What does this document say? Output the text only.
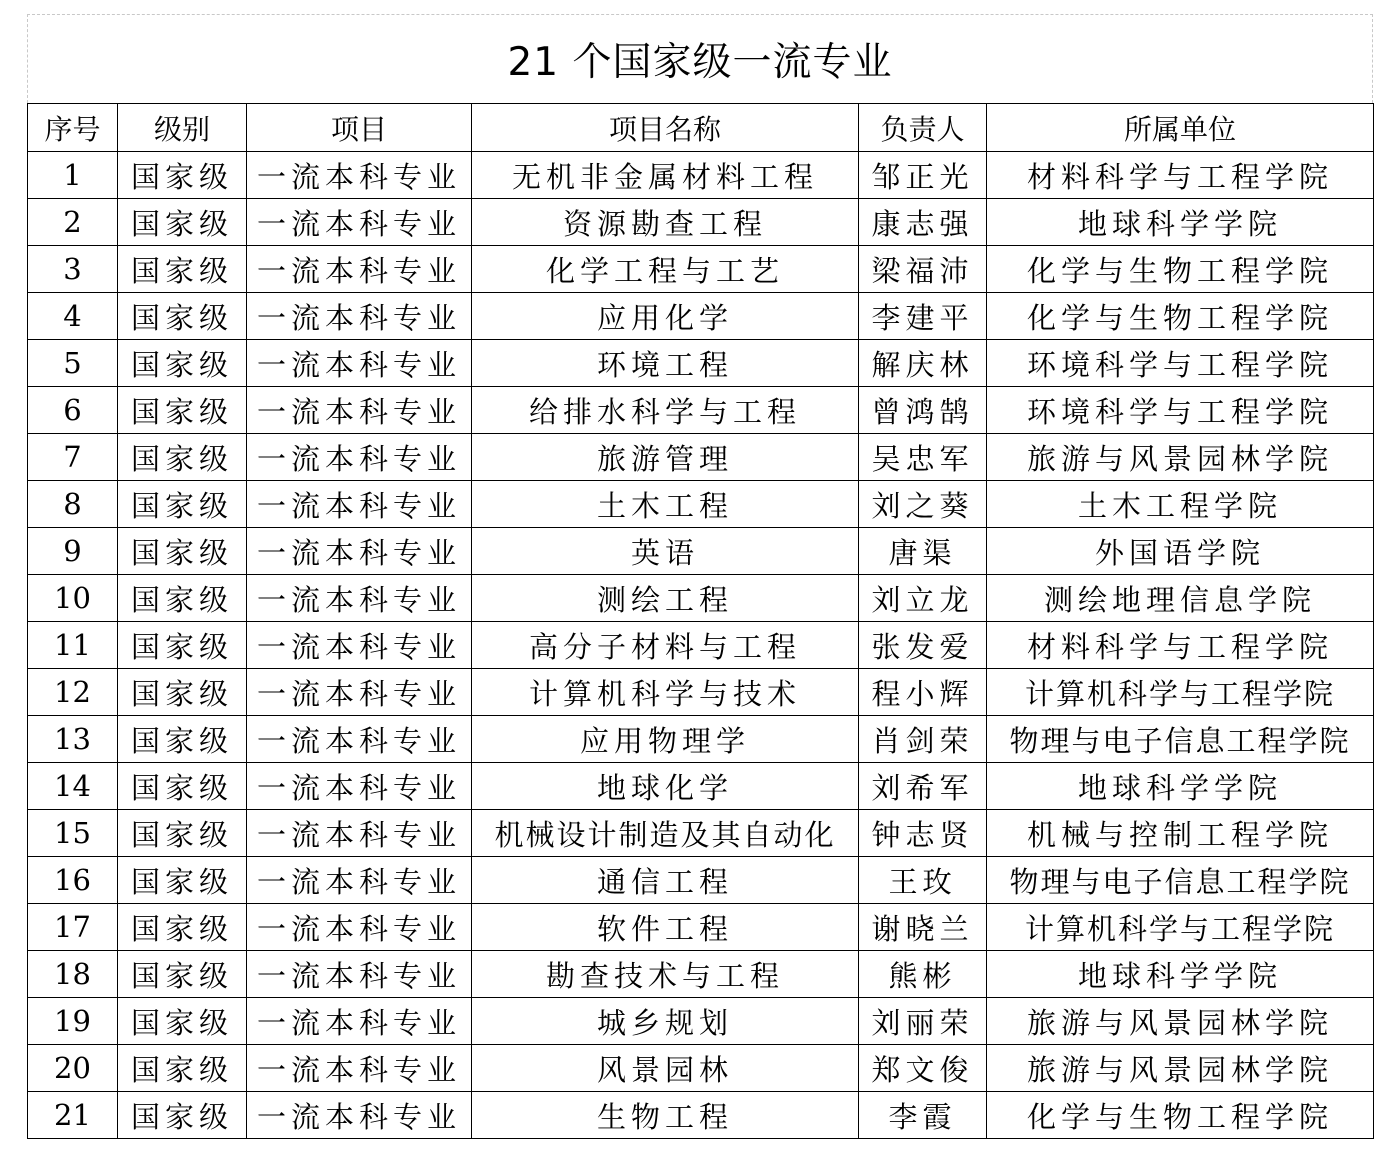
21 个国家级一流专业
序号	级别	项目	项目名称	负责人	所属单位
1	国家级	一流本科专业	无机非金属材料工程	邹正光	材料科学与工程学院
2	国家级	一流本科专业	资源勘查工程	康志强	地球科学学院
3	国家级	一流本科专业	化学工程与工艺	梁福沛	化学与生物工程学院
4	国家级	一流本科专业	应用化学	李建平	化学与生物工程学院
5	国家级	一流本科专业	环境工程	解庆林	环境科学与工程学院
6	国家级	一流本科专业	给排水科学与工程	曾鸿鹄	环境科学与工程学院
7	国家级	一流本科专业	旅游管理	吴忠军	旅游与风景园林学院
8	国家级	一流本科专业	土木工程	刘之葵	土木工程学院
9	国家级	一流本科专业	英语	唐渠	外国语学院
10	国家级	一流本科专业	测绘工程	刘立龙	测绘地理信息学院
11	国家级	一流本科专业	高分子材料与工程	张发爱	材料科学与工程学院
12	国家级	一流本科专业	计算机科学与技术	程小辉	计算机科学与工程学院
13	国家级	一流本科专业	应用物理学	肖剑荣	物理与电子信息工程学院
14	国家级	一流本科专业	地球化学	刘希军	地球科学学院
15	国家级	一流本科专业	机械设计制造及其自动化	钟志贤	机械与控制工程学院
16	国家级	一流本科专业	通信工程	王玫	物理与电子信息工程学院
17	国家级	一流本科专业	软件工程	谢晓兰	计算机科学与工程学院
18	国家级	一流本科专业	勘查技术与工程	熊彬	地球科学学院
19	国家级	一流本科专业	城乡规划	刘丽荣	旅游与风景园林学院
20	国家级	一流本科专业	风景园林	郑文俊	旅游与风景园林学院
21	国家级	一流本科专业	生物工程	李霞	化学与生物工程学院
